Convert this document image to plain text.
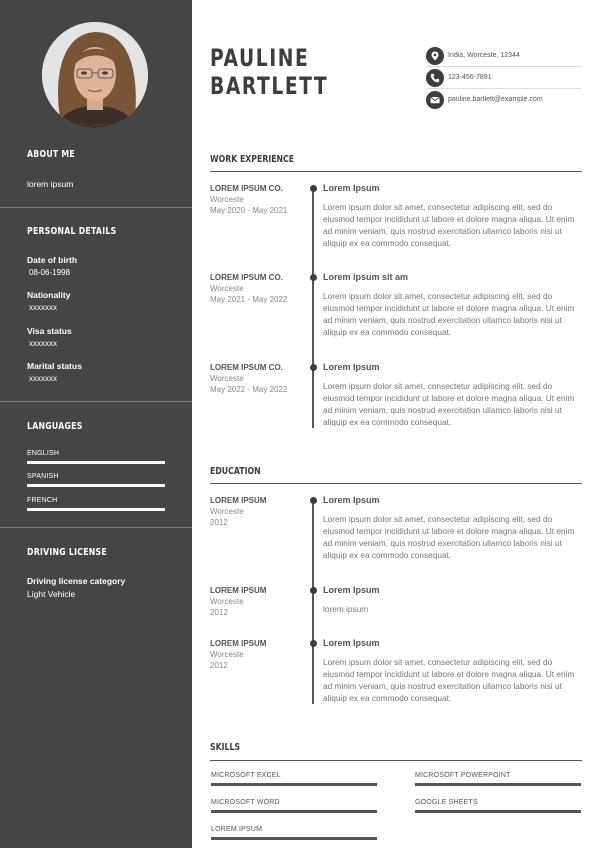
Photo placeholder
ABOUT ME
lorem ipsum
PERSONAL DETAILS
Date of birth
08-06-1998
Nationality
xxxxxxx
Visa status
xxxxxxx
Marital status
xxxxxxx
LANGUAGES
ENGLISH
SPANISH
FRENCH
DRIVING LICENSE
Driving license category
Light Vehicle
PAULINE
BARTLETT
India, Worceste, 12344
123-456-7891
pauline.bartlett@example.com
WORK EXPERIENCE
LOREM IPSUM CO.
Worceste
May 2020 - May 2021
Lorem Ipsum
Lorem ipsum dolor sit amet, consectetur adipiscing elit, sed do eiusmod tempor incididunt ut labore et dolore magna aliqua. Ut enim ad minim veniam, quis nostrud exercitation ullamco laboris nisi ut aliquip ex ea commodo consequat.
LOREM IPSUM CO.
Worceste
May 2021 - May 2022
Lorem ipsum sit am
Lorem ipsum dolor sit amet, consectetur adipiscing elit, sed do eiusmod tempor incididunt ut labore et dolore magna aliqua. Ut enim ad minim veniam, quis nostrud exercitation ullamco laboris nisi ut aliquip ex ea commodo consequat.
LOREM IPSUM CO.
Worceste
May 2022 - May 2022
Lorem Ipsum
Lorem ipsum dolor sit amet, consectetur adipiscing elit, sed do eiusmod tempor incididunt ut labore et dolore magna aliqua. Ut enim ad minim veniam, quis nostrud exercitation ullamco laboris nisi ut aliquip ex ea commodo consequat.
EDUCATION
LOREM IPSUM
Worceste
2012
Lorem Ipsum
Lorem ipsum dolor sit amet, consectetur adipiscing elit, sed do eiusmod tempor incididunt ut labore et dolore magna aliqua. Ut enim ad minim veniam, quis nostrud exercitation ullamco laboris nisi ut aliquip ex ea commodo consequat.
LOREM IPSUM
Worceste
2012
Lorem Ipsum
lorem ipsum
LOREM IPSUM
Worceste
2012
Lorem Ipsum
Lorem ipsum dolor sit amet, consectetur adipiscing elit, sed do eiusmod tempor incididunt ut labore et dolore magna aliqua. Ut enim ad minim veniam, quis nostrud exercitation ullamco laboris nisi ut aliquip ex ea commodo consequat.
SKILLS
MICROSOFT EXCEL	MICROSOFT POWERPOINT
MICROSOFT WORD	GOOGLE SHEETS
LOREM IPSUM
